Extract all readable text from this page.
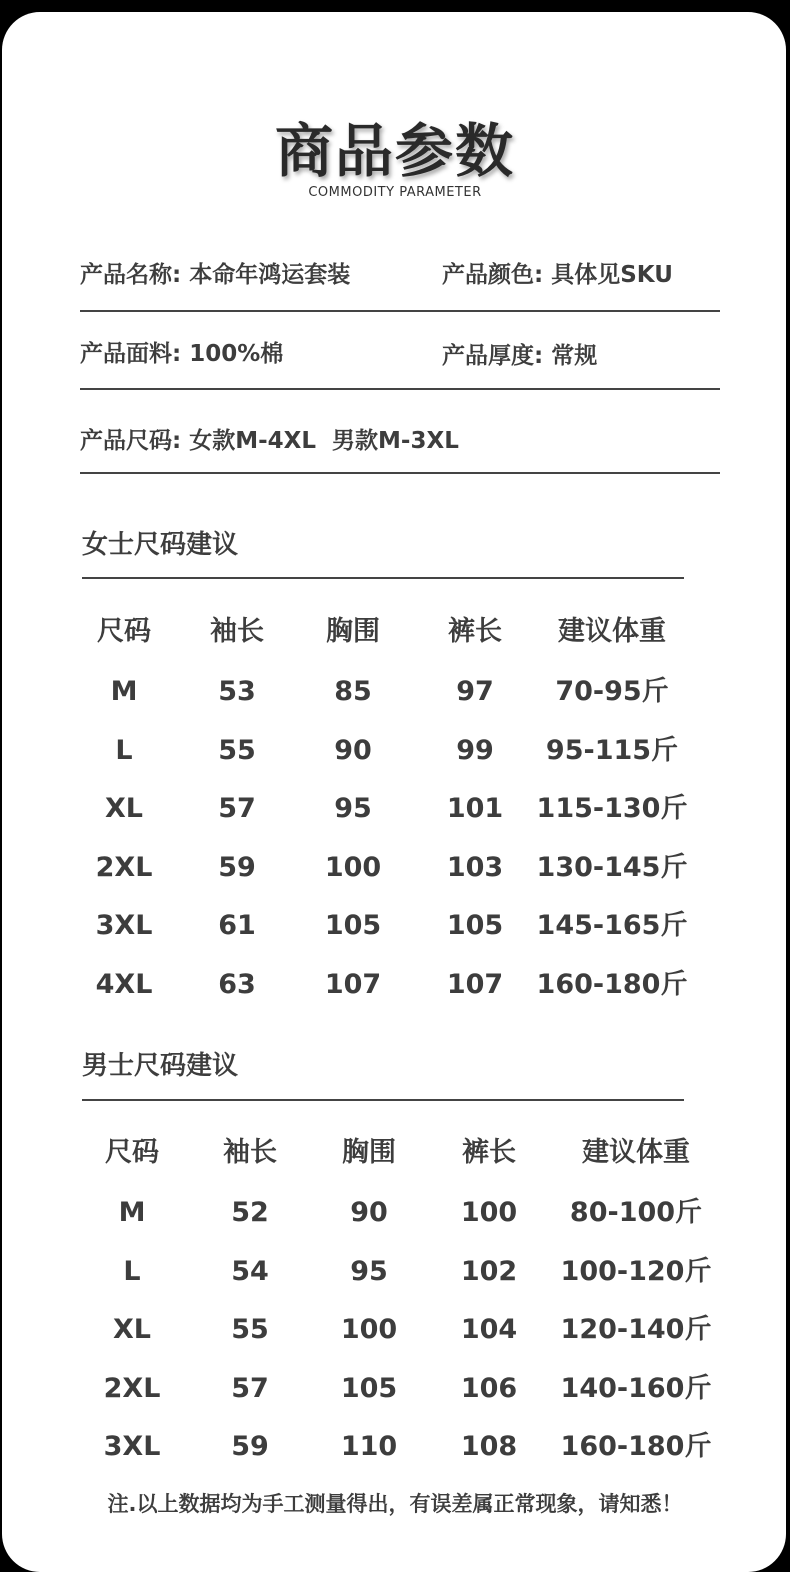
商品参数
COMMODITY PARAMETER
产品名称: 本命年鸿运套装	产品颜色: 具体见SKU
产品面料: 100%棉	产品厚度: 常规
产品尺码: 女款M-4XL  男款M-3XL
女士尺码建议
尺码	袖长	胸围	裤长	建议体重
M	53	85	97	70-95斤
L	55	90	99	95-115斤
XL	57	95	101	115-130斤
2XL	59	100	103	130-145斤
3XL	61	105	105	145-165斤
4XL	63	107	107	160-180斤
男士尺码建议
尺码	袖长	胸围	裤长	建议体重
M	52	90	100	80-100斤
L	54	95	102	100-120斤
XL	55	100	104	120-140斤
2XL	57	105	106	140-160斤
3XL	59	110	108	160-180斤
注.以上数据均为手工测量得出，有误差属正常现象，请知悉！
